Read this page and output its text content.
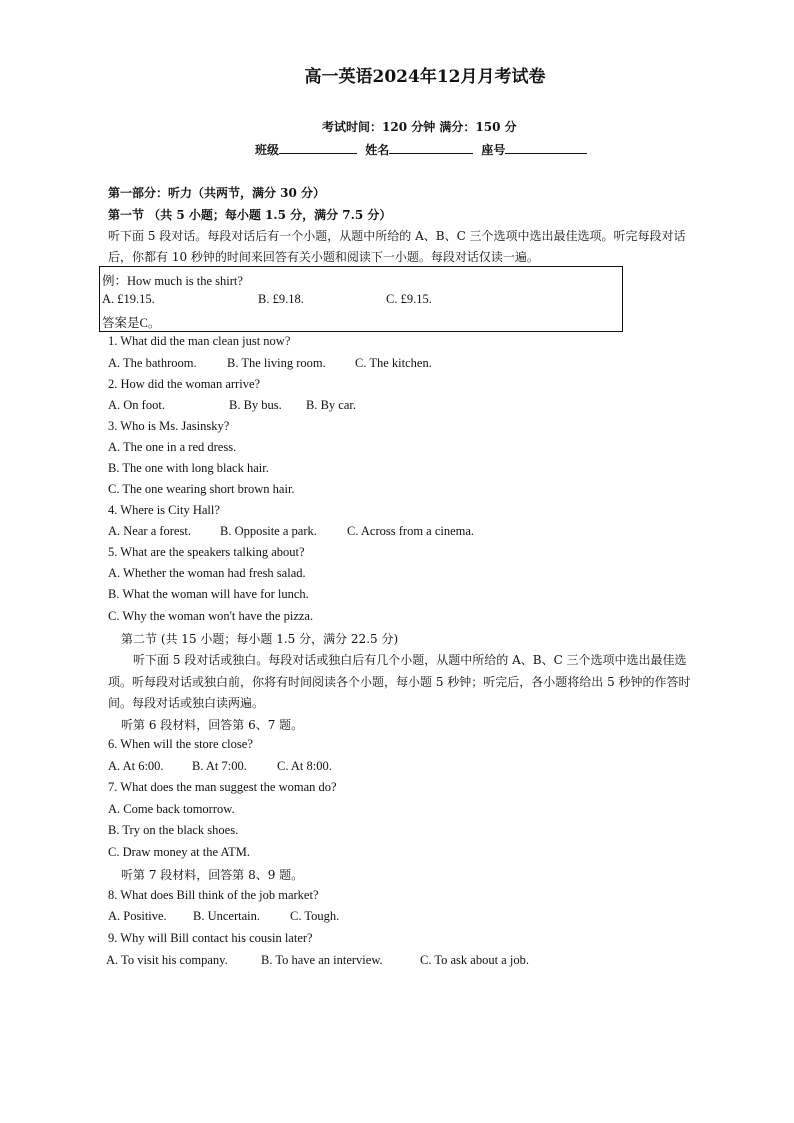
高一英语2024年12月月考试卷
考试时间：120 分钟 满分：150 分
班级	姓名	座号
第一部分：听力（共两节，满分 30 分）
第一节 （共 5 小题；每小题 1.5 分，满分 7.5 分）
听下面 5 段对话。每段对话后有一个小题，从题中所给的 A、B、C 三个选项中选出最佳选项。听完每段对话
后，你都有 10 秒钟的时间来回答有关小题和阅读下一小题。每段对话仅读一遍。
例：How much is the shirt?
A. £19.15.	B. £9.18.	C. £9.15.
答案是C。
1. What did the man clean just now?
A. The bathroom. B. The living room. C. The kitchen.
2. How did the woman arrive?
A. On foot.	B. By bus. B. By car.
3. Who is Ms. Jasinsky?
A. The one in a red dress.
B. The one with long black hair.
C. The one wearing short brown hair.
4. Where is City Hall?
A. Near a forest. B. Opposite a park. C. Across from a cinema.
5. What are the speakers talking about?
A. Whether the woman had fresh salad.
B. What the woman will have for lunch.
C. Why the woman won't have the pizza.
第二节 (共 15 小题；每小题 1.5 分，满分 22.5 分)
听下面 5 段对话或独白。每段对话或独白后有几个小题，从题中所给的 A、B、C 三个选项中选出最佳选
项。听每段对话或独白前，你将有时间阅读各个小题，每小题 5 秒钟；听完后，各小题将给出 5 秒钟的作答时
间。每段对话或独白读两遍。
听第 6 段材料，回答第 6、7 题。
6. When will the store close?
A. At 6:00. B. At 7:00. C. At 8:00.
7. What does the man suggest the woman do?
A. Come back tomorrow.
B. Try on the black shoes.
C. Draw money at the ATM.
听第 7 段材料，回答第 8、9 题。
8. What does Bill think of the job market?
A. Positive. B. Uncertain. C. Tough.
9. Why will Bill contact his cousin later?
A. To visit his company.	B. To have an interview.	C. To ask about a job.
